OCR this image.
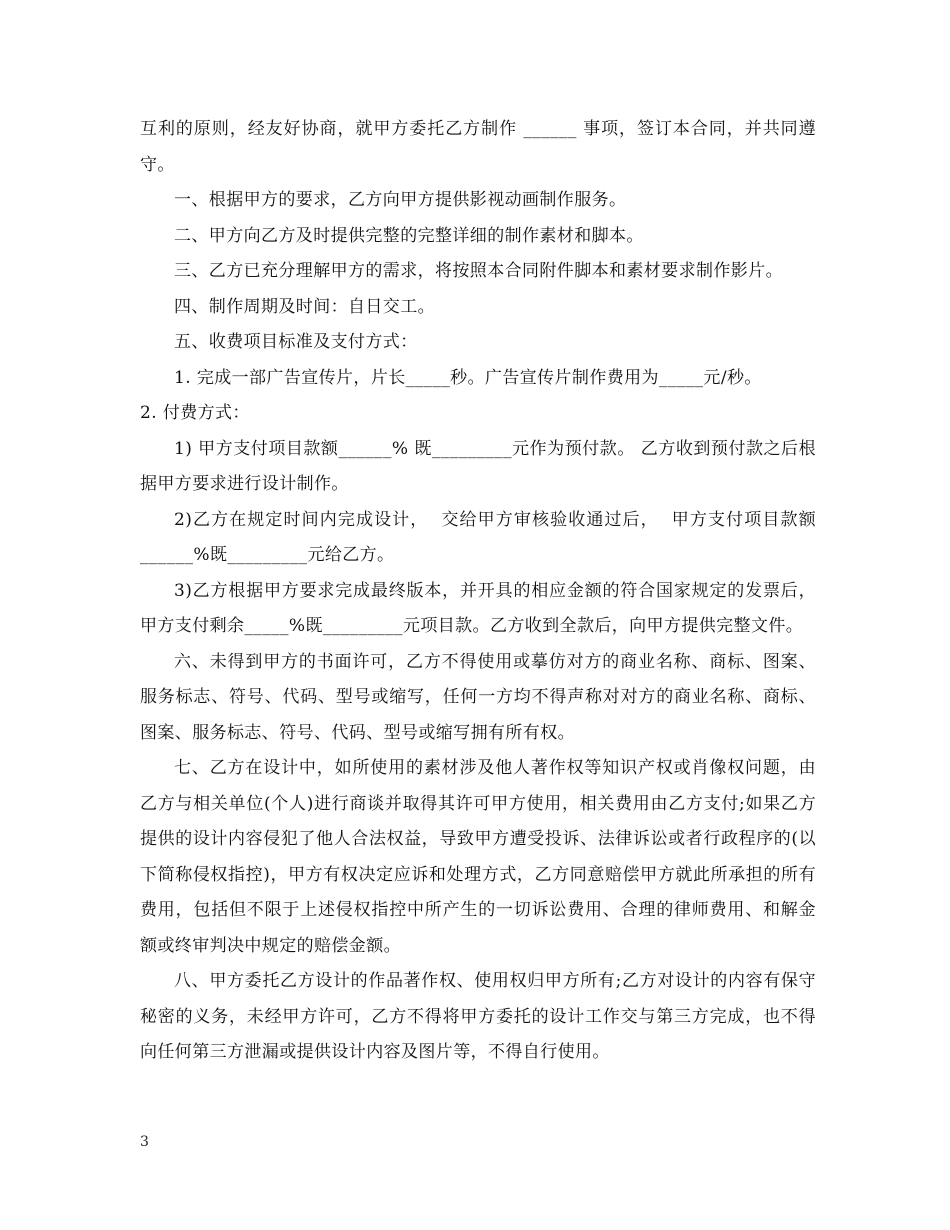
互利的原则，经友好协商，就甲方委托乙方制作 ______ 事项，签订本合同，并共同遵守。

一、根据甲方的要求，乙方向甲方提供影视动画制作服务。

二、甲方向乙方及时提供完整的完整详细的制作素材和脚本。

三、乙方已充分理解甲方的需求，将按照本合同附件脚本和素材要求制作影片。

四、制作周期及时间：自日交工。

五、收费项目标准及支付方式：

1. 完成一部广告宣传片，片长_____秒。广告宣传片制作费用为_____元/秒。

2. 付费方式：

1) 甲方支付项目款额______% 既_________元作为预付款。 乙方收到预付款之后根据甲方要求进行设计制作。

2)乙方在规定时间内完成设计，  交给甲方审核验收通过后，  甲方支付项目款额______%既_________元给乙方。

3)乙方根据甲方要求完成最终版本，并开具的相应金额的符合国家规定的发票后，甲方支付剩余_____%既_________元项目款。乙方收到全款后，向甲方提供完整文件。

六、未得到甲方的书面许可，乙方不得使用或摹仿对方的商业名称、商标、图案、服务标志、符号、代码、型号或缩写，任何一方均不得声称对对方的商业名称、商标、图案、服务标志、符号、代码、型号或缩写拥有所有权。

七、乙方在设计中，如所使用的素材涉及他人著作权等知识产权或肖像权问题，由乙方与相关单位(个人)进行商谈并取得其许可甲方使用，相关费用由乙方支付;如果乙方提供的设计内容侵犯了他人合法权益，导致甲方遭受投诉、法律诉讼或者行政程序的(以下简称侵权指控)，甲方有权决定应诉和处理方式，乙方同意赔偿甲方就此所承担的所有费用，包括但不限于上述侵权指控中所产生的一切诉讼费用、合理的律师费用、和解金额或终审判决中规定的赔偿金额。

八、甲方委托乙方设计的作品著作权、使用权归甲方所有;乙方对设计的内容有保守秘密的义务，未经甲方许可，乙方不得将甲方委托的设计工作交与第三方完成，也不得向任何第三方泄漏或提供设计内容及图片等，不得自行使用。

3
